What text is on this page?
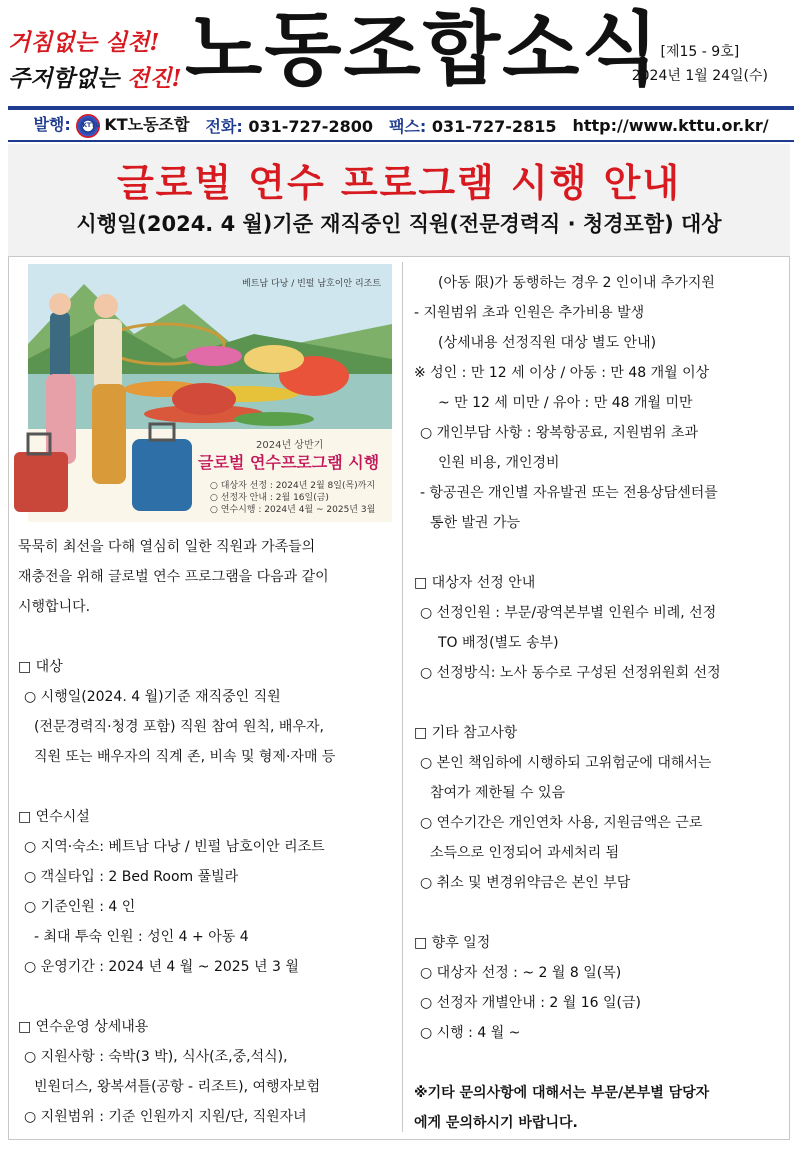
거침없는 실천!
주저함없는 전진! 노동조합소식 [제15 - 9호]
2024년 1월 24일(수)
발행: KTTU KT노동조합 전화: 031-727-2800 팩스: 031-727-2815 http://www.kttu.or.kr/
글로벌 연수 프로그램 시행 안내
시행일(2024. 4 월)기준 재직중인 직원(전문경력직 · 청경포함) 대상
베트남 다낭 / 빈펄 남호이안 리조트
2024년 상반기
글로벌 연수프로그램 시행
○ 대상자 선정 : 2024년 2월 8일(목)까지
○ 선정자 안내 : 2월 16일(금)
○ 연수시행 : 2024년 4월 ~ 2025년 3월
묵묵히 최선을 다해 열심히 일한 직원과 가족들의
재충전을 위해 글로벌 연수 프로그램을 다음과 같이
시행합니다.
□ 대상
○ 시행일(2024. 4 월)기준 재직중인 직원
(전문경력직·청경 포함) 직원 참여 원칙, 배우자,
직원 또는 배우자의 직계 존, 비속 및 형제·자매 등
□ 연수시설
○ 지역·숙소: 베트남 다낭 / 빈펄 남호이안 리조트
○ 객실타입 : 2 Bed Room 풀빌라
○ 기준인원 : 4 인
- 최대 투숙 인원 : 성인 4 + 아동 4
○ 운영기간 : 2024 년 4 월 ~ 2025 년 3 월
□ 연수운영 상세내용
○ 지원사항 : 숙박(3 박), 식사(조,중,석식),
빈원더스, 왕복셔틀(공항 - 리조트), 여행자보험
○ 지원범위 : 기준 인원까지 지원/단, 직원자녀
(아동 限)가 동행하는 경우 2 인이내 추가지원
- 지원범위 초과 인원은 추가비용 발생
(상세내용 선정직원 대상 별도 안내)
※ 성인 : 만 12 세 이상 / 아동 : 만 48 개월 이상
~ 만 12 세 미만 / 유아 : 만 48 개월 미만
○ 개인부담 사항 : 왕복항공료, 지원범위 초과
인원 비용, 개인경비
- 항공권은 개인별 자유발권 또는 전용상담센터를
통한 발권 가능
□ 대상자 선정 안내
○ 선정인원 : 부문/광역본부별 인원수 비례, 선정
TO 배정(별도 송부)
○ 선정방식: 노사 동수로 구성된 선정위원회 선정
□ 기타 참고사항
○ 본인 책임하에 시행하되 고위험군에 대해서는
참여가 제한될 수 있음
○ 연수기간은 개인연차 사용, 지원금액은 근로
소득으로 인정되어 과세처리 됨
○ 취소 및 변경위약금은 본인 부담
□ 향후 일정
○ 대상자 선정 : ~ 2 월 8 일(목)
○ 선정자 개별안내 : 2 월 16 일(금)
○ 시행 : 4 월 ~
※기타 문의사항에 대해서는 부문/본부별 담당자
에게 문의하시기 바랍니다.
